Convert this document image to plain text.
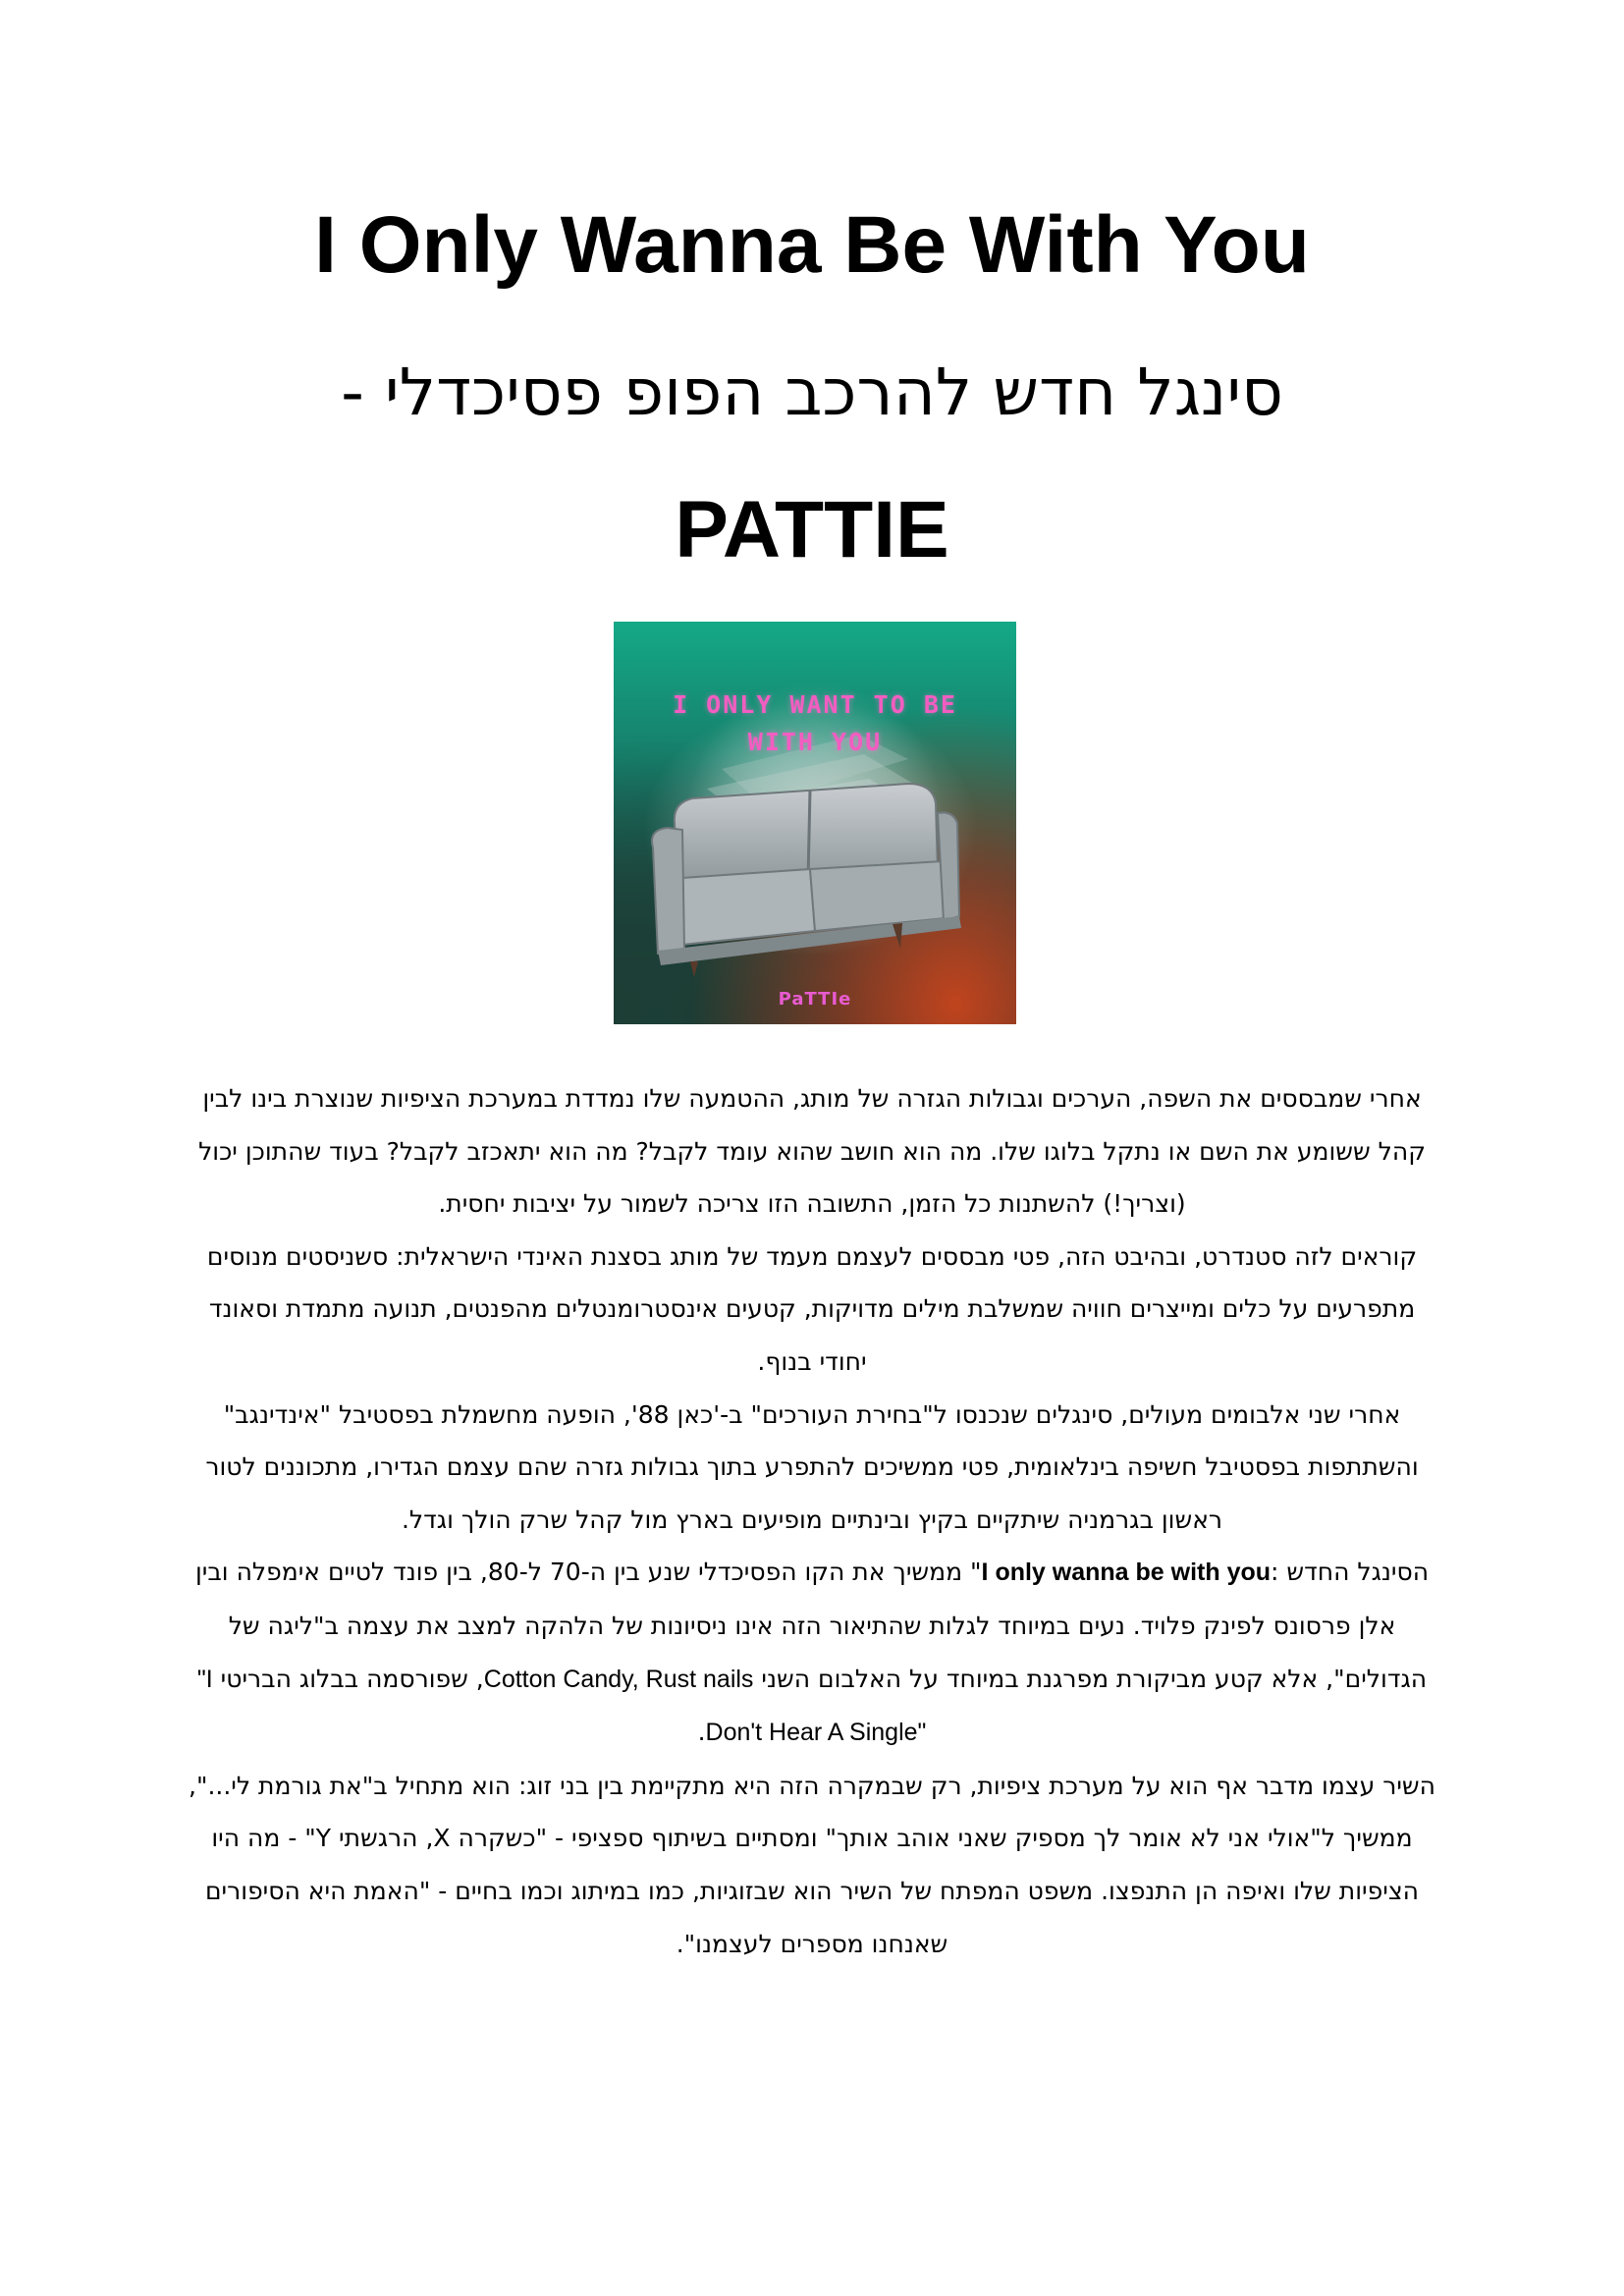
I Only Wanna Be With You
סינגל חדש להרכב הפופ פסיכדלי -
PATTIE
I ONLY WANT TO BE
WITH YOU
PaTTIe

אחרי שמבססים את השפה, הערכים וגבולות הגזרה של מותג, ההטמעה שלו נמדדת במערכת הציפיות שנוצרת בינו לבין קהל ששומע את השם או נתקל בלוגו שלו. מה הוא חושב שהוא עומד לקבל? מה הוא יתאכזב לקבל? בעוד שהתוכן יכול (וצריך!) להשתנות כל הזמן, התשובה הזו צריכה לשמור על יציבות יחסית.

קוראים לזה סטנדרט, ובהיבט הזה, פטי מבססים לעצמם מעמד של מותג בסצנת האינדי הישראלית: סשניסטים מנוסים מתפרעים על כלים ומייצרים חוויה שמשלבת מילים מדויקות, קטעים אינסטרומנטלים מהפנטים, תנועה מתמדת וסאונד יחודי בנוף.

אחרי שני אלבומים מעולים, סינגלים שנכנסו ל"בחירת העורכים" ב-'כאן 88', הופעה מחשמלת בפסטיבל "אינדינגב" והשתתפות בפסטיבל חשיפה בינלאומית, פטי ממשיכים להתפרע בתוך גבולות גזרה שהם עצמם הגדירו, מתכוננים לטור ראשון בגרמניה שיתקיים בקיץ ובינתיים מופיעים בארץ מול קהל שרק הולך וגדל.

הסינגל החדש :I only wanna be with you" ממשיך את הקו הפסיכדלי שנע בין ה-70 ל-80, בין פונד לטיים אימפלה ובין אלן פרסונס לפינק פלויד. נעים במיוחד לגלות שהתיאור הזה אינו ניסיונות של הלהקה למצב את עצמה ב"ליגה של הגדולים", אלא קטע מביקורת מפרגנת במיוחד על האלבום השני Cotton Candy, Rust nails, שפורסמה בבלוג הבריטי "I Don't Hear A Single".

השיר עצמו מדבר אף הוא על מערכת ציפיות, רק שבמקרה הזה היא מתקיימת בין בני זוג: הוא מתחיל ב"את גורמת לי...", ממשיך ל"אולי אני לא אומר לך מספיק שאני אוהב אותך" ומסתיים בשיתוף ספציפי - "כשקרה X, הרגשתי Y" - מה היו הציפיות שלו ואיפה הן התנפצו. משפט המפתח של השיר הוא שבזוגיות, כמו במיתוג וכמו בחיים - "האמת היא הסיפורים שאנחנו מספרים לעצמנו".
